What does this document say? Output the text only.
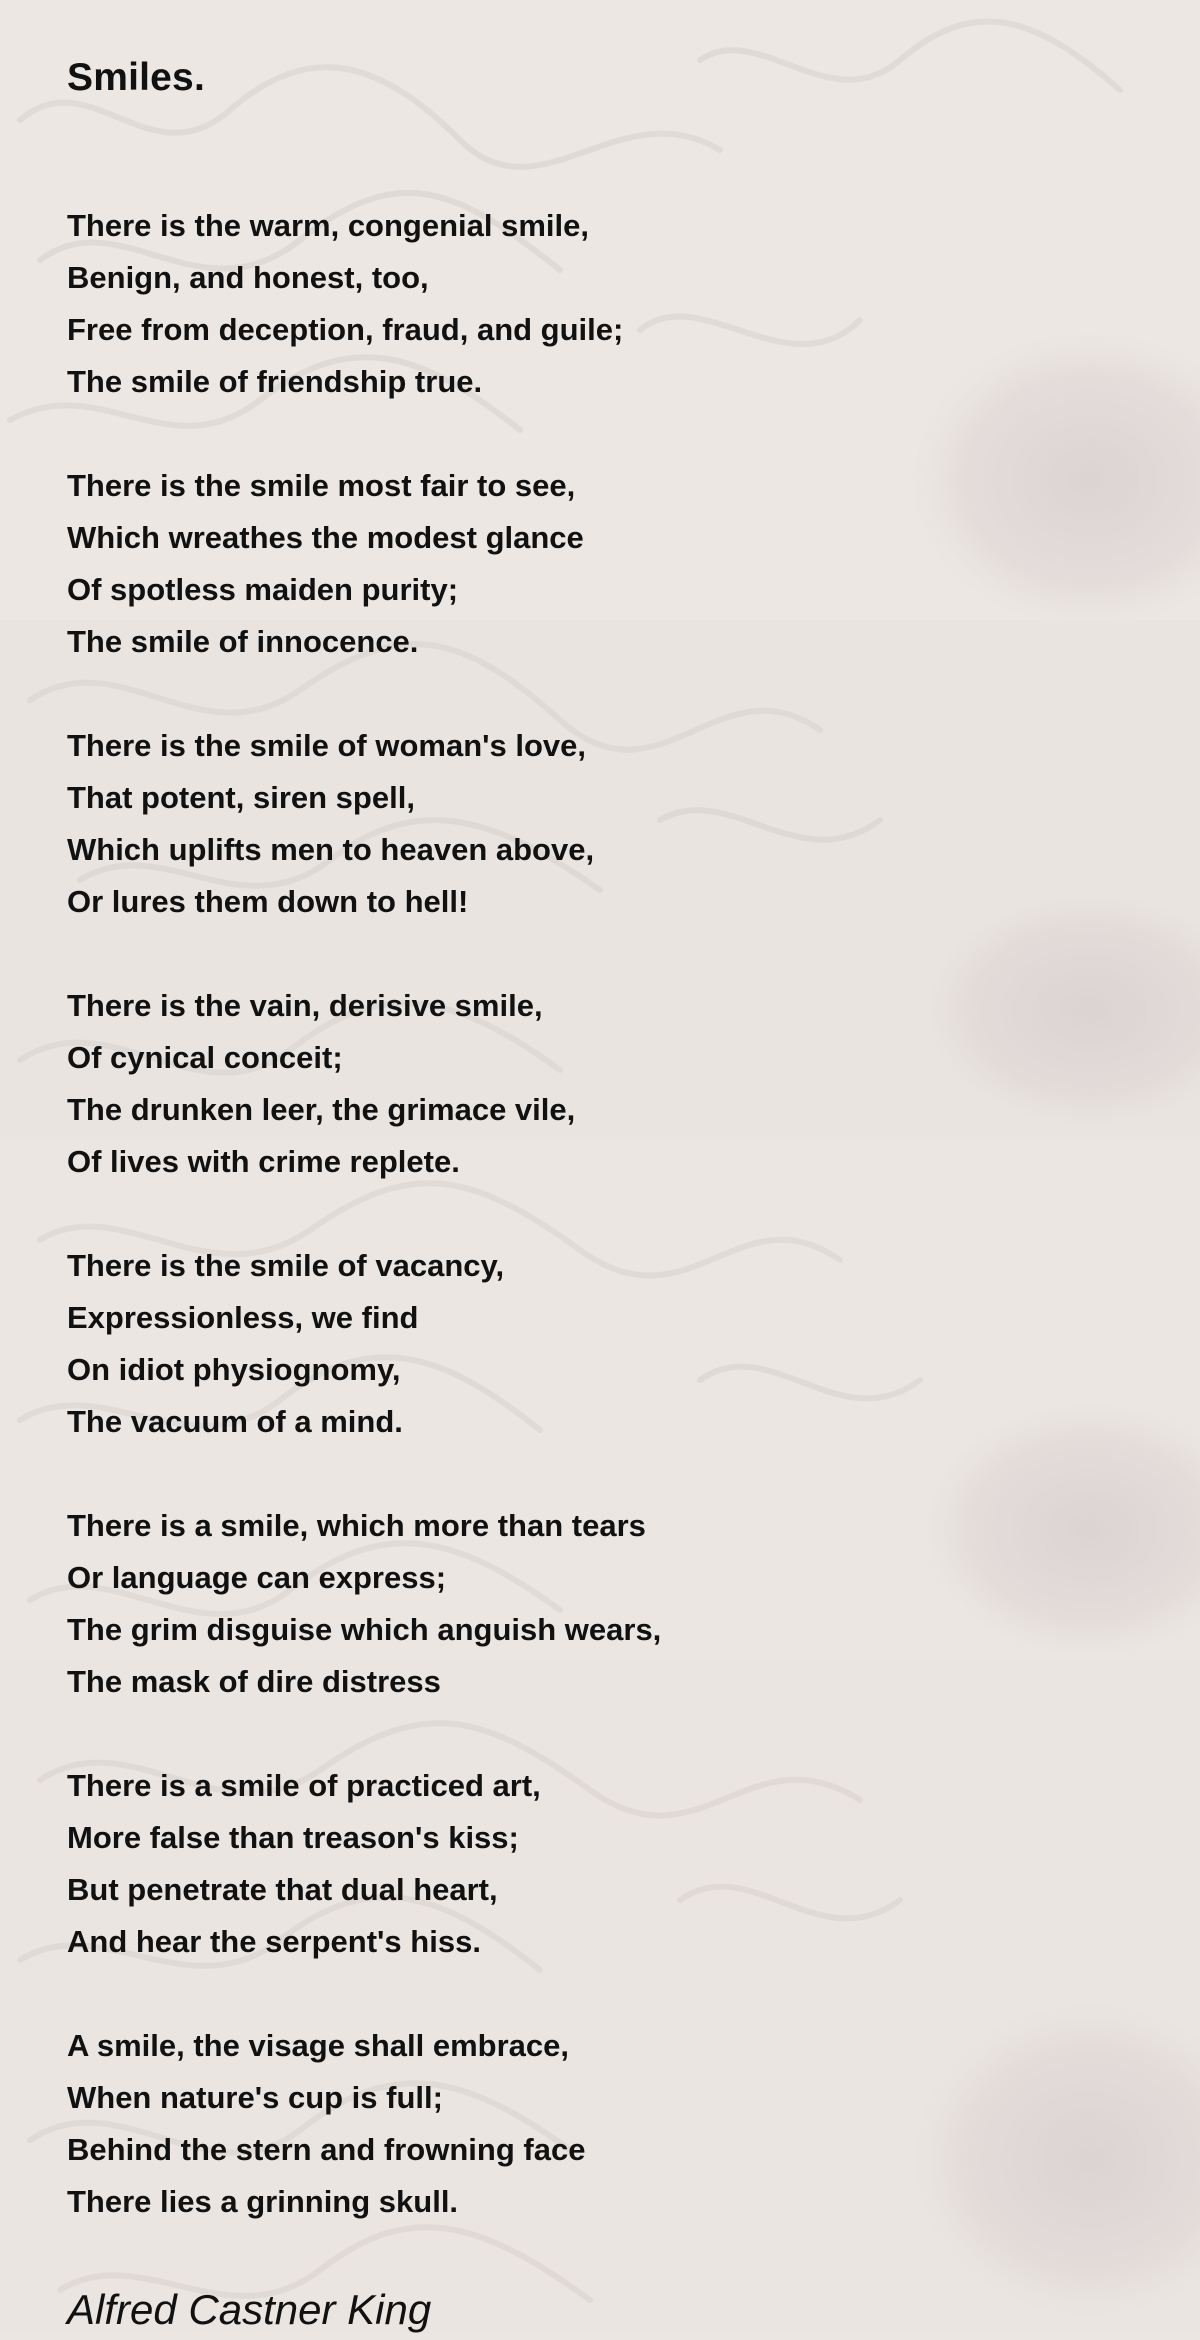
Smiles.
There is the warm, congenial smile,
Benign, and honest, too,
Free from deception, fraud, and guile;
The smile of friendship true.
There is the smile most fair to see,
Which wreathes the modest glance
Of spotless maiden purity;
The smile of innocence.
There is the smile of woman's love,
That potent, siren spell,
Which uplifts men to heaven above,
Or lures them down to hell!
There is the vain, derisive smile,
Of cynical conceit;
The drunken leer, the grimace vile,
Of lives with crime replete.
There is the smile of vacancy,
Expressionless, we find
On idiot physiognomy,
The vacuum of a mind.
There is a smile, which more than tears
Or language can express;
The grim disguise which anguish wears,
The mask of dire distress
There is a smile of practiced art,
More false than treason's kiss;
But penetrate that dual heart,
And hear the serpent's hiss.
A smile, the visage shall embrace,
When nature's cup is full;
Behind the stern and frowning face
There lies a grinning skull.
Alfred Castner King
